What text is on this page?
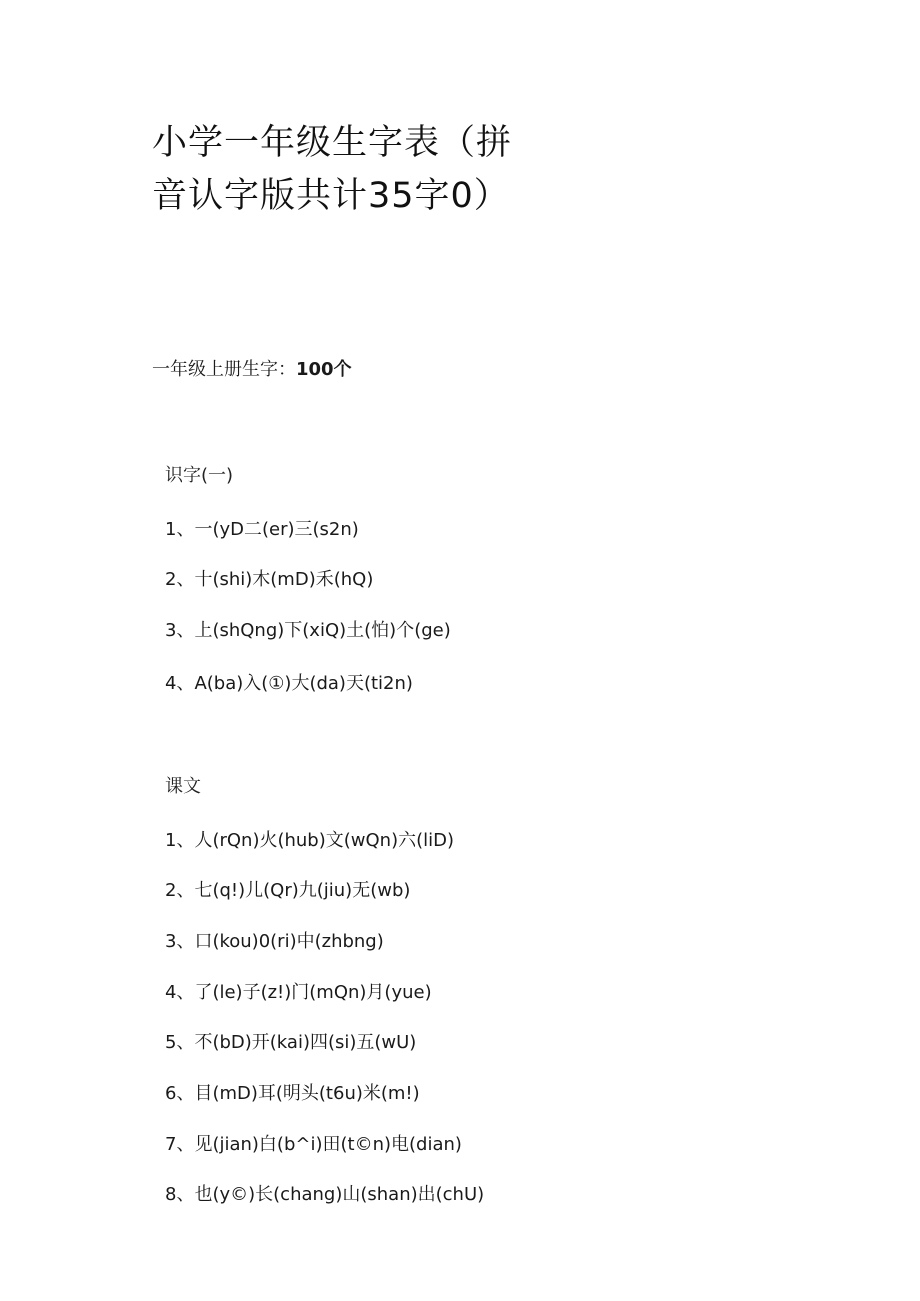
小学一年级生字表（拼
音认字版共计35字0）
一年级上册生字：100个
识字(一)
1、一(yD二(er)三(s2n)
2、十(shi)木(mD)禾(hQ)
3、上(shQng)下(xiQ)土(怕)个(ge)
4、A(ba)入(①)大(da)天(ti2n)
课文
1、人(rQn)火(hub)文(wQn)六(liD)
2、七(q!)儿(Qr)九(jiu)无(wb)
3、口(kou)0(ri)中(zhbng)
4、了(le)子(z!)门(mQn)月(yue)
5、不(bD)开(kai)四(si)五(wU)
6、目(mD)耳(明头(t6u)米(m!)
7、见(jian)白(b^i)田(t©n)电(dian)
8、也(y©)长(chang)山(shan)出(chU)
